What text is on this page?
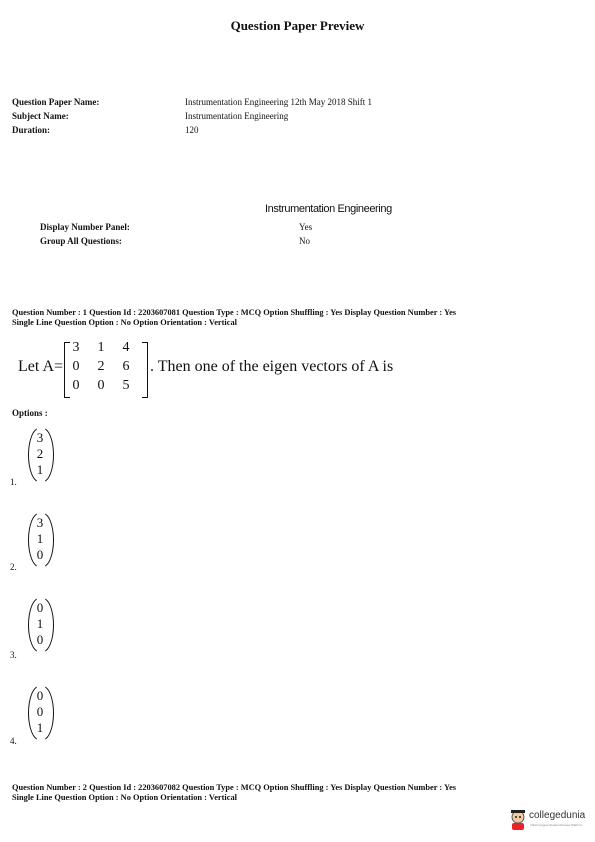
Question Paper Preview
Question Paper Name:	Instrumentation Engineering 12th May 2018 Shift 1
Subject Name:	Instrumentation Engineering
Duration:	120
Instrumentation Engineering
Display Number Panel:	Yes
Group All Questions:	No
Question Number : 1 Question Id : 2203607081 Question Type : MCQ Option Shuffling : Yes Display Question Number : Yes
Single Line Question Option : No Option Orientation : Vertical
Let A=
3	1	4
0	2	6
0	0	5
. Then one of the eigen vectors of A is
Options :
3
2
1
1.
3
1
0
2.
0
1
0
3.
0
0
1
4.
Question Number : 2 Question Id : 2203607082 Question Type : MCQ Option Shuffling : Yes Display Question Number : Yes
Single Line Question Option : No Option Orientation : Vertical
collegedunia
India's largest Student Review Platform
